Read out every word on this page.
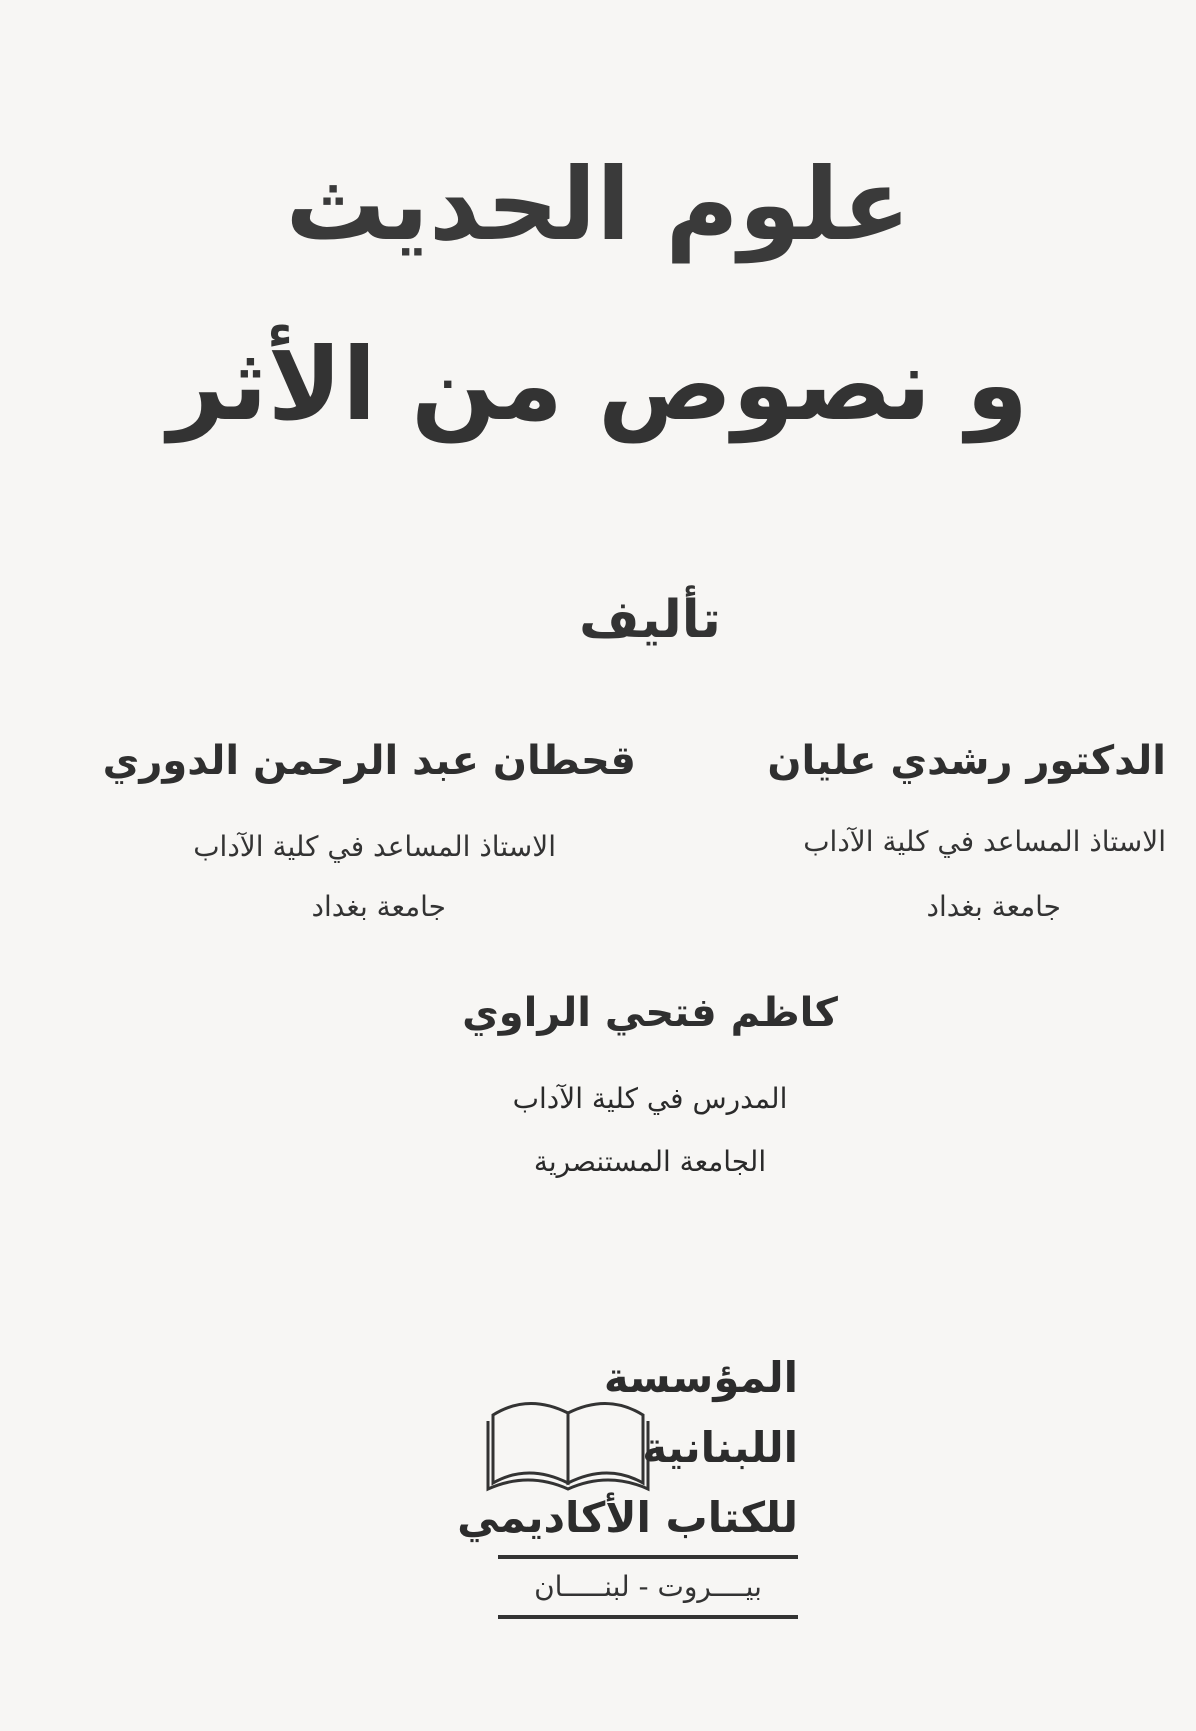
علوم الحديث
و نصوص من الأثر
تأليف
الدكتور رشدي عليان
الاستاذ المساعد في كلية الآداب
جامعة بغداد
قحطان عبد الرحمن الدوري
الاستاذ المساعد في كلية الآداب
جامعة بغداد
كاظم فتحي الراوي
المدرس في كلية الآداب
الجامعة المستنصرية
المؤسسة
اللبنانية
للكتاب الأكاديمي
بيــــروت - لبنـــــان
